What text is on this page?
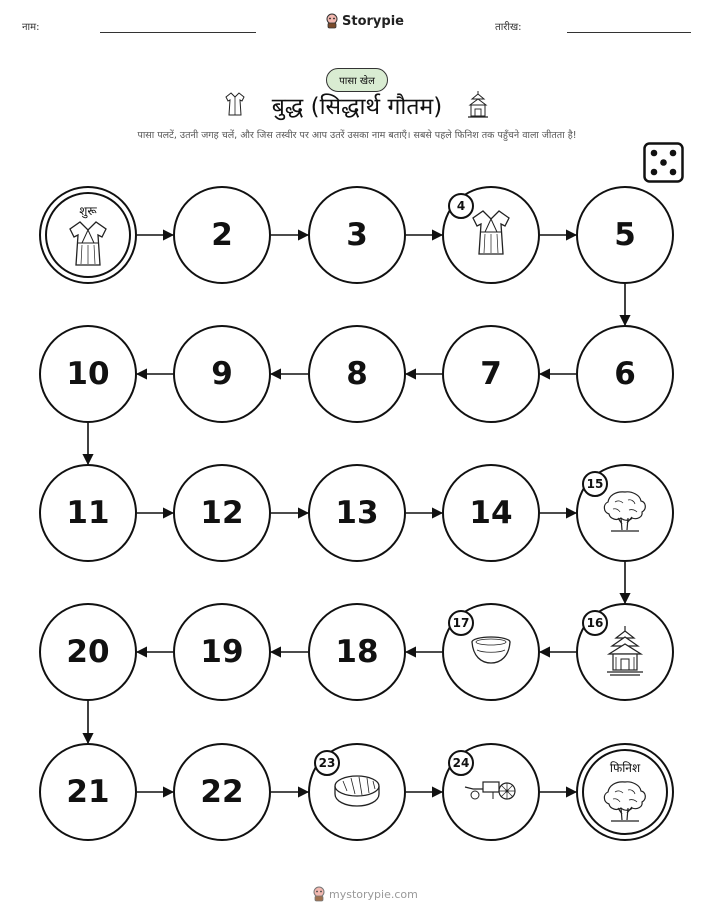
नाम:	Storypie	तारीख:
पासा खेल
बुद्ध (सिद्धार्थ गौतम)
पासा पलटें, उतनी जगह चलें, और जिस तस्वीर पर आप उतरें उसका नाम बताएँ। सबसे पहले फिनिश तक पहुँचने वाला जीतता है!
शुरू
2	3
4
5
6
7
8
9
10
11	12	13	14
15
16
17
18
19
20
21	22
23	24	फिनिश
mystorypie.com
